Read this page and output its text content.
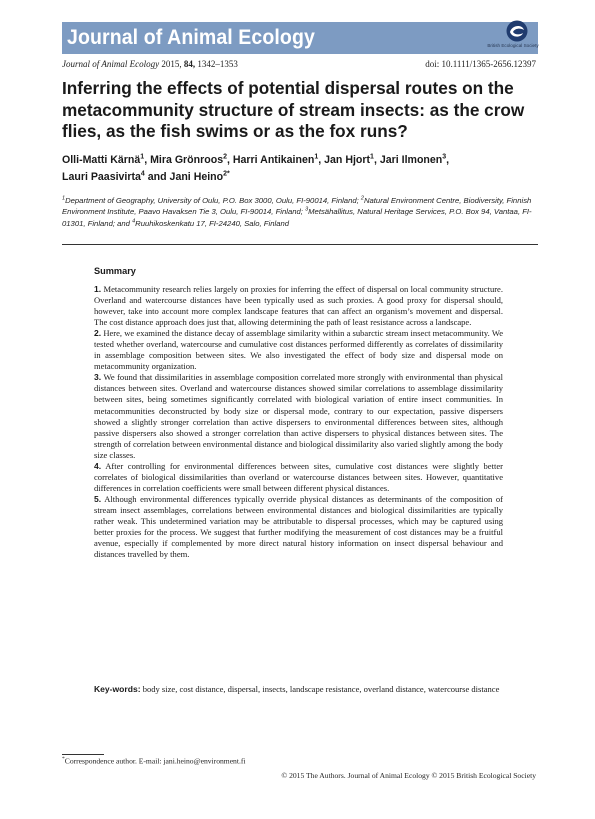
Journal of Animal Ecology	British Ecological Society
Journal of Animal Ecology 2015, 84, 1342–1353	doi: 10.1111/1365-2656.12397
Inferring the effects of potential dispersal routes on the metacommunity structure of stream insects: as the crow flies, as the fish swims or as the fox runs?
Olli-Matti Kärnä$^1$, Mira Grönroos$^2$, Harri Antikainen$^1$, Jan Hjort$^1$, Jari Ilmonen$^3$,
Lauri Paasivirta$^4$ and Jani Heino$^{2*}$
$^1$Department of Geography, University of Oulu, P.O. Box 3000, Oulu, FI-90014, Finland; $^2$Natural Environment Centre, Biodiversity, Finnish Environment Institute, Paavo Havaksen Tie 3, Oulu, FI-90014, Finland; $^3$Metsähallitus, Natural Heritage Services, P.O. Box 94, Vantaa, FI-01301, Finland; and $^4$Ruuhikoskenkatu 17, FI-24240, Salo, Finland
Summary

1. Metacommunity research relies largely on proxies for inferring the effect of dispersal on local community structure. Overland and watercourse distances have been typically used as such proxies. A good proxy for dispersal should, however, take into account more complex landscape features that can affect an organism’s movement and dispersal. The cost distance approach does just that, allowing determining the path of least resistance across a landscape.

2. Here, we examined the distance decay of assemblage similarity within a subarctic stream insect metacommunity. We tested whether overland, watercourse and cumulative cost distances performed differently as correlates of dissimilarity in assemblage composition between sites. We also investigated the effect of body size and dispersal mode on metacommunity organization.

3. We found that dissimilarities in assemblage composition correlated more strongly with environmental than physical distances between sites. Overland and watercourse distances showed similar correlations to assemblage dissimilarity between sites, being sometimes significantly correlated with biological variation of entire insect communities. In metacommunities deconstructed by body size or dispersal mode, contrary to our expectation, passive dispersers showed a slightly stronger correlation than active dispersers to environmental differences between sites, although passive dispersers also showed a stronger correlation than active dispersers to physical distances between sites. The strength of correlation between environmental distance and biological dissimilarity also varied slightly among the body size classes.

4. After controlling for environmental differences between sites, cumulative cost distances were slightly better correlates of biological dissimilarities than overland or watercourse distances between sites. However, quantitative differences in correlation coefficients were small between different physical distances.

5. Although environmental differences typically override physical distances as determinants of the composition of stream insect assemblages, correlations between environmental distances and biological dissimilarities are typically rather weak. This undetermined variation may be attributable to dispersal processes, which may be captured using better proxies for the process. We suggest that further modifying the measurement of cost distances may be a fruitful avenue, especially if complemented by more direct natural history information on insect dispersal behaviour and distances travelled by them.

Key-words: body size, cost distance, dispersal, insects, landscape resistance, overland distance, watercourse distance
*Correspondence author. E-mail: jani.heino@environment.fi
© 2015 The Authors. Journal of Animal Ecology © 2015 British Ecological Society
